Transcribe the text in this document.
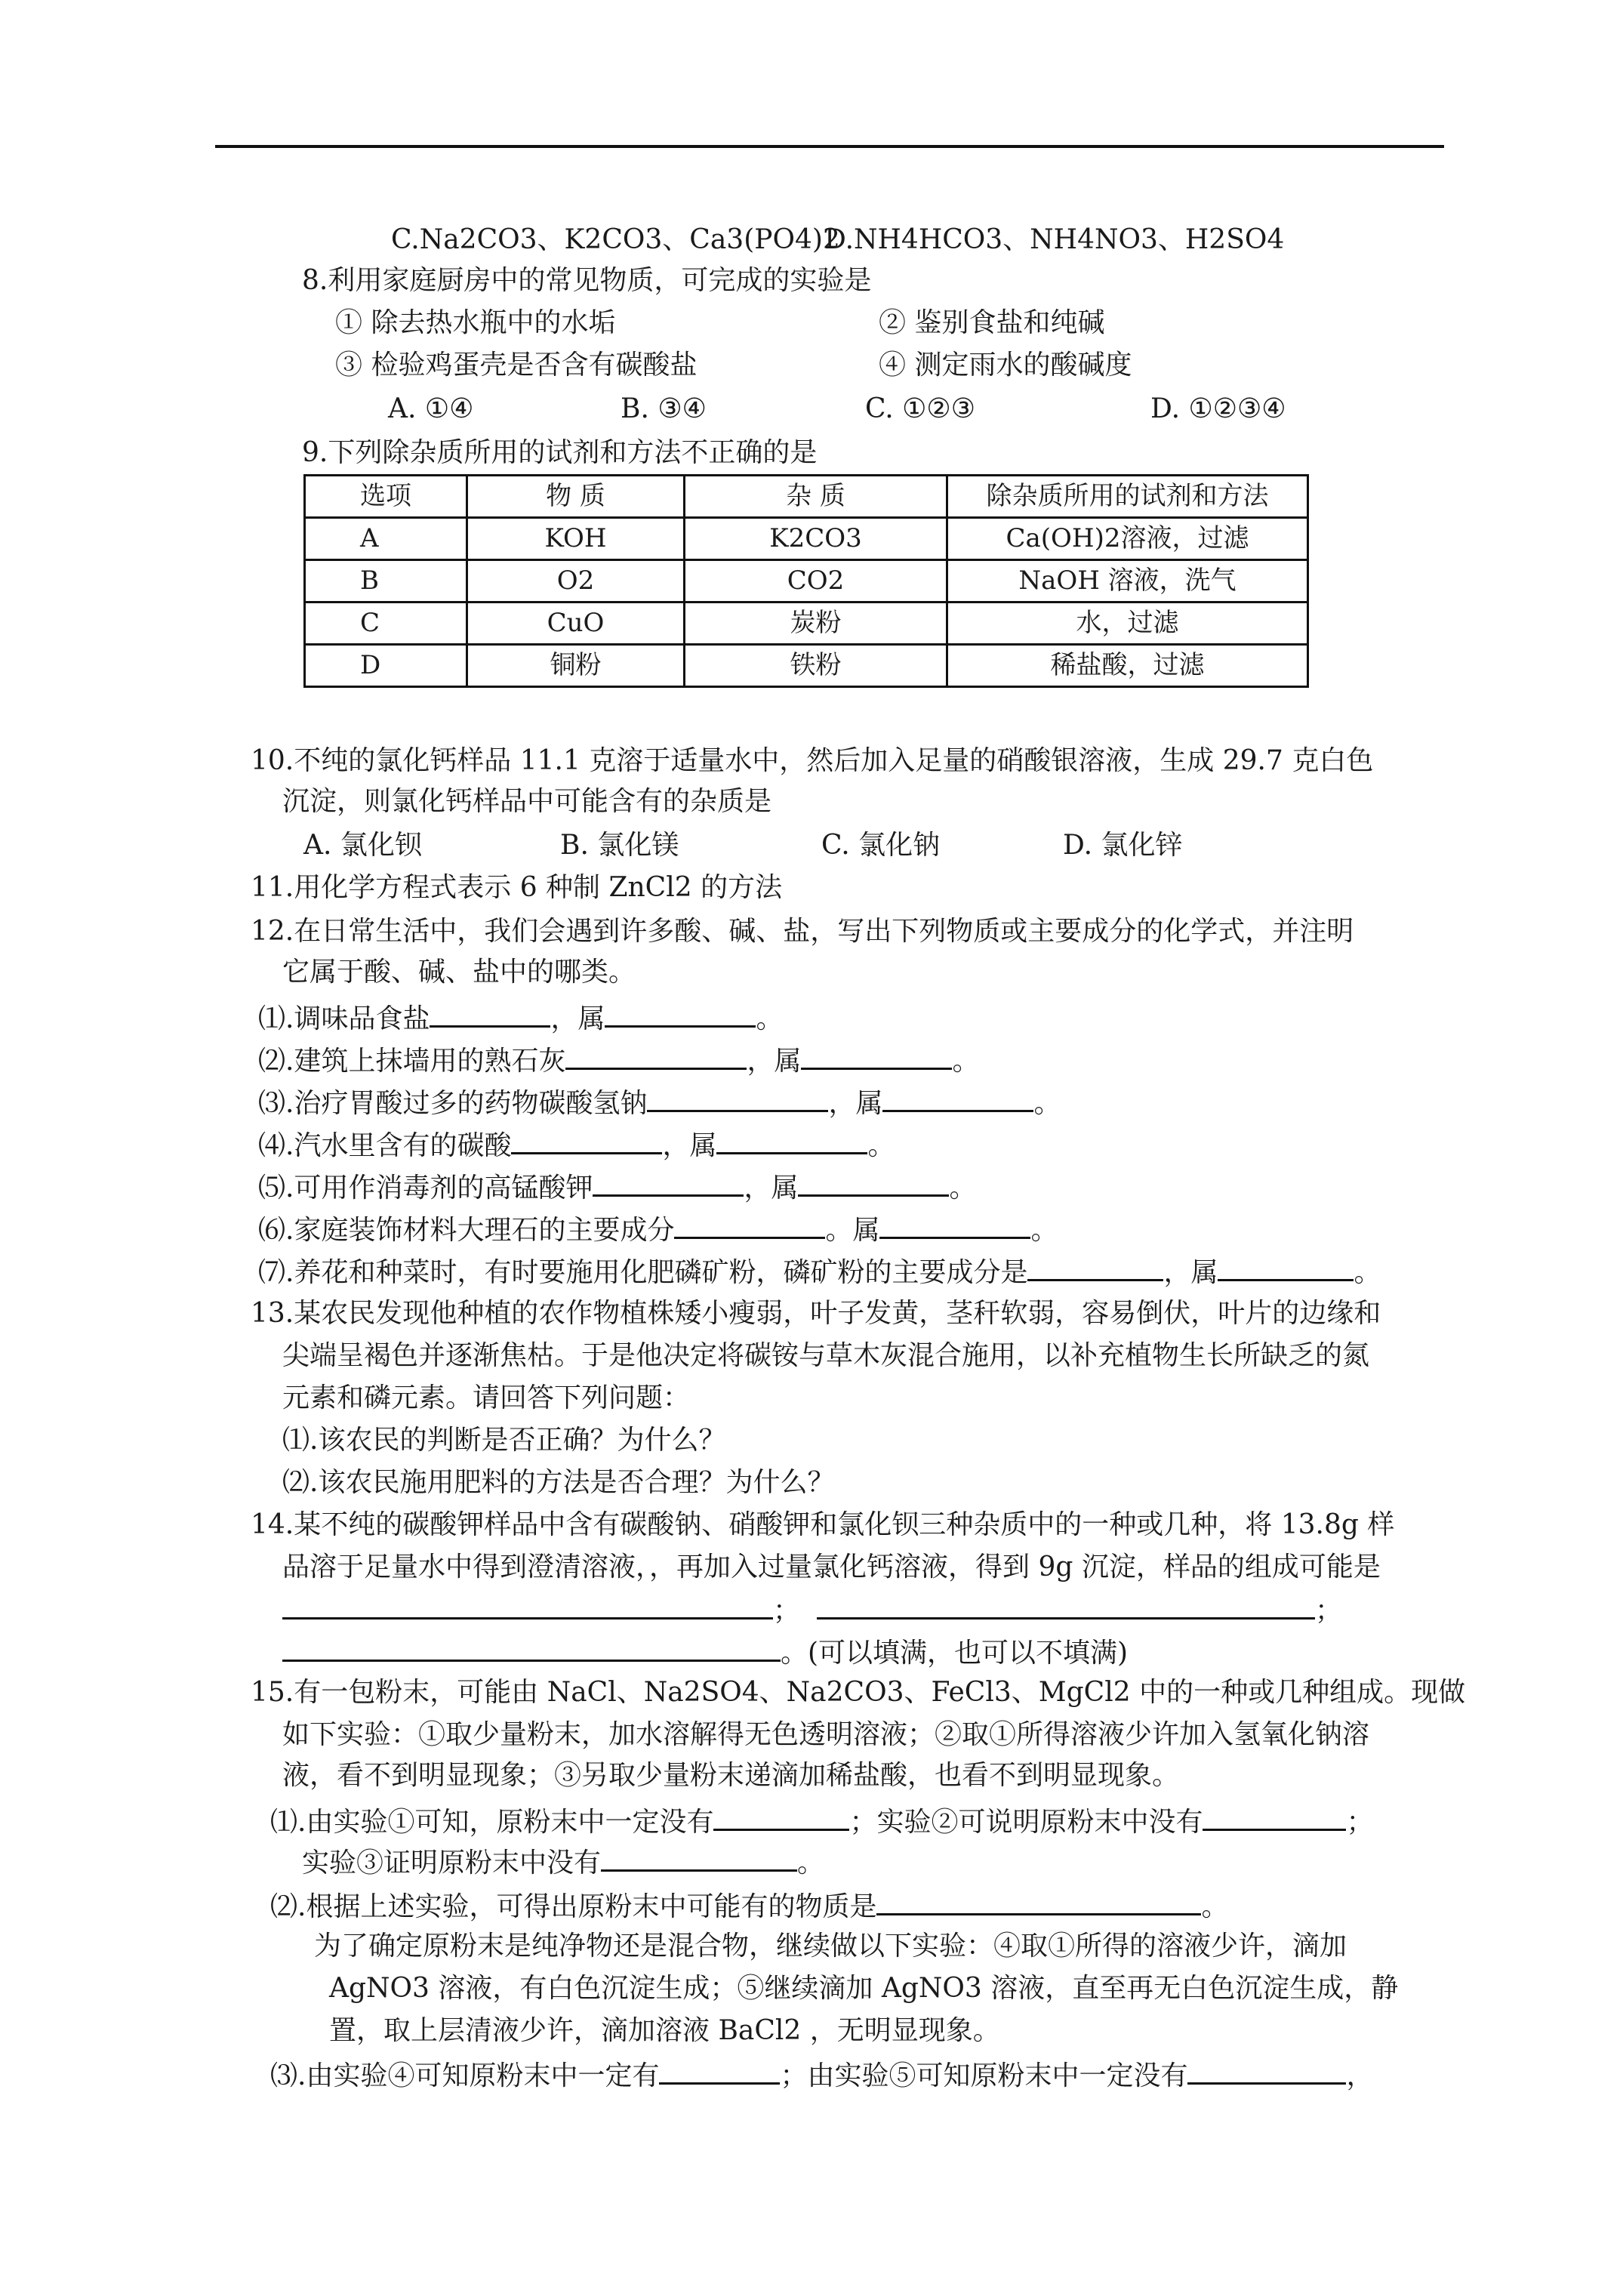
C.Na2CO3、K2CO3、Ca3(PO4)2
D.NH4HCO3、NH4NO3、H2SO4
8.利用家庭厨房中的常见物质，可完成的实验是
① 除去热水瓶中的水垢	② 鉴别食盐和纯碱
③ 检验鸡蛋壳是否含有碳酸盐	④ 测定雨水的酸碱度
A. ①④	B. ③④	C. ①②③	D. ①②③④
9.下列除杂质所用的试剂和方法不正确的是
选项	物 质	杂 质	除杂质所用的试剂和方法
A	KOH	K2CO3	Ca(OH)2溶液，过滤
B	O2	CO2	NaOH 溶液，洗气
C	CuO	炭粉	水，过滤
D	铜粉	铁粉	稀盐酸，过滤
10.不纯的氯化钙样品 11.1 克溶于适量水中，然后加入足量的硝酸银溶液，生成 29.7 克白色
沉淀，则氯化钙样品中可能含有的杂质是
A. 氯化钡	B. 氯化镁	C. 氯化钠	D. 氯化锌
11.用化学方程式表示 6 种制 ZnCl2 的方法
12.在日常生活中，我们会遇到许多酸、碱、盐，写出下列物质或主要成分的化学式，并注明
它属于酸、碱、盐中的哪类。
⑴.调味品食盐	，属	。
⑵.建筑上抹墙用的熟石灰	，属	。
⑶.治疗胃酸过多的药物碳酸氢钠	，属	。
⑷.汽水里含有的碳酸	，属	。
⑸.可用作消毒剂的高锰酸钾	，属	。
⑹.家庭装饰材料大理石的主要成分	。属	。
⑺.养花和种菜时，有时要施用化肥磷矿粉，磷矿粉的主要成分是	，属	。
13.某农民发现他种植的农作物植株矮小瘦弱，叶子发黄，茎秆软弱，容易倒伏，叶片的边缘和
尖端呈褐色并逐渐焦枯。于是他决定将碳铵与草木灰混合施用，以补充植物生长所缺乏的氮
元素和磷元素。请回答下列问题：
⑴.该农民的判断是否正确？为什么？
⑵.该农民施用肥料的方法是否合理？为什么？
14.某不纯的碳酸钾样品中含有碳酸钠、硝酸钾和氯化钡三种杂质中的一种或几种，将 13.8g 样
品溶于足量水中得到澄清溶液，，再加入过量氯化钙溶液，得到 9g 沉淀，样品的组成可能是
；	；
。(可以填满，也可以不填满)
15.有一包粉末，可能由 NaCl、Na2SO4、Na2CO3、FeCl3、MgCl2 中的一种或几种组成。现做
如下实验：①取少量粉末，加水溶解得无色透明溶液；②取①所得溶液少许加入氢氧化钠溶
液，看不到明显现象；③另取少量粉末递滴加稀盐酸，也看不到明显现象。
⑴.由实验①可知，原粉末中一定没有	；实验②可说明原粉末中没有	；
实验③证明原粉末中没有	。
⑵.根据上述实验，可得出原粉末中可能有的物质是	。
为了确定原粉末是纯净物还是混合物，继续做以下实验：④取①所得的溶液少许，滴加
AgNO3 溶液，有白色沉淀生成；⑤继续滴加 AgNO3 溶液，直至再无白色沉淀生成，静
置，取上层清液少许，滴加溶液 BaCl2 ，无明显现象。
⑶.由实验④可知原粉末中一定有	；由实验⑤可知原粉末中一定没有	，
